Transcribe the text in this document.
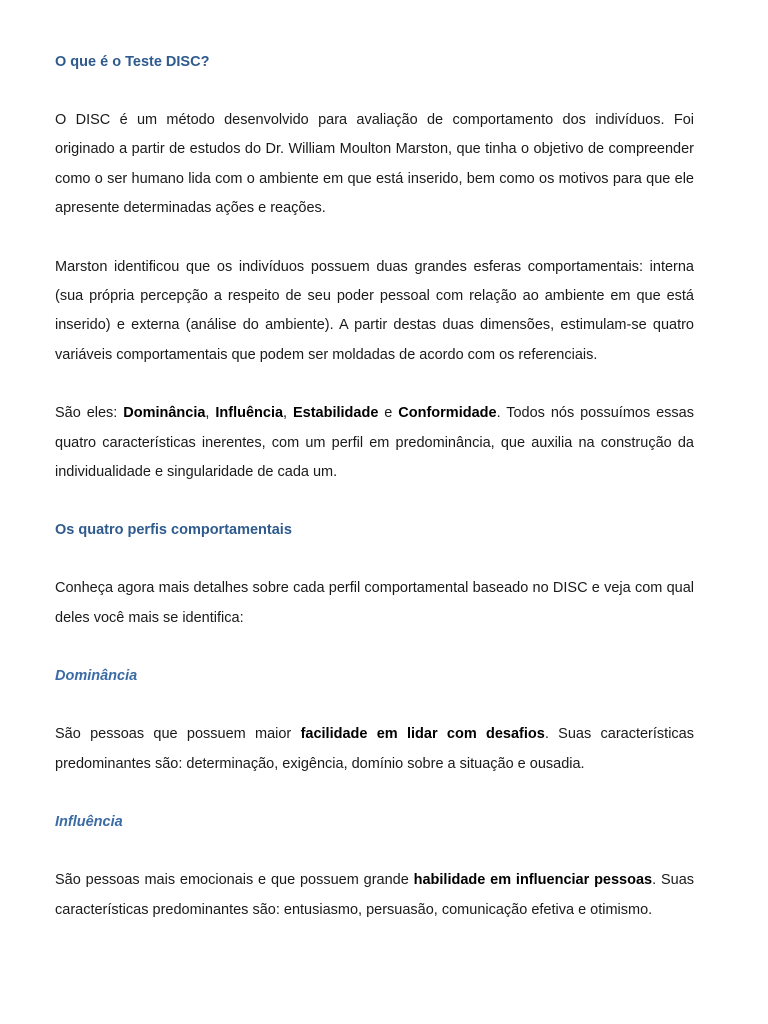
O que é o Teste DISC?

O DISC é um método desenvolvido para avaliação de comportamento dos indivíduos. Foi originado a partir de estudos do Dr. William Moulton Marston, que tinha o objetivo de compreender como o ser humano lida com o ambiente em que está inserido, bem como os motivos para que ele apresente determinadas ações e reações.

Marston identificou que os indivíduos possuem duas grandes esferas comportamentais: interna (sua própria percepção a respeito de seu poder pessoal com relação ao ambiente em que está inserido) e externa (análise do ambiente). A partir destas duas dimensões, estimulam-se quatro variáveis comportamentais que podem ser moldadas de acordo com os referenciais.

São eles: Dominância, Influência, Estabilidade e Conformidade. Todos nós possuímos essas quatro características inerentes, com um perfil em predominância, que auxilia na construção da individualidade e singularidade de cada um.

Os quatro perfis comportamentais

Conheça agora mais detalhes sobre cada perfil comportamental baseado no DISC e veja com qual deles você mais se identifica:

Dominância

São pessoas que possuem maior facilidade em lidar com desafios. Suas características predominantes são: determinação, exigência, domínio sobre a situação e ousadia.

Influência

São pessoas mais emocionais e que possuem grande habilidade em influenciar pessoas. Suas características predominantes são: entusiasmo, persuasão, comunicação efetiva e otimismo.
